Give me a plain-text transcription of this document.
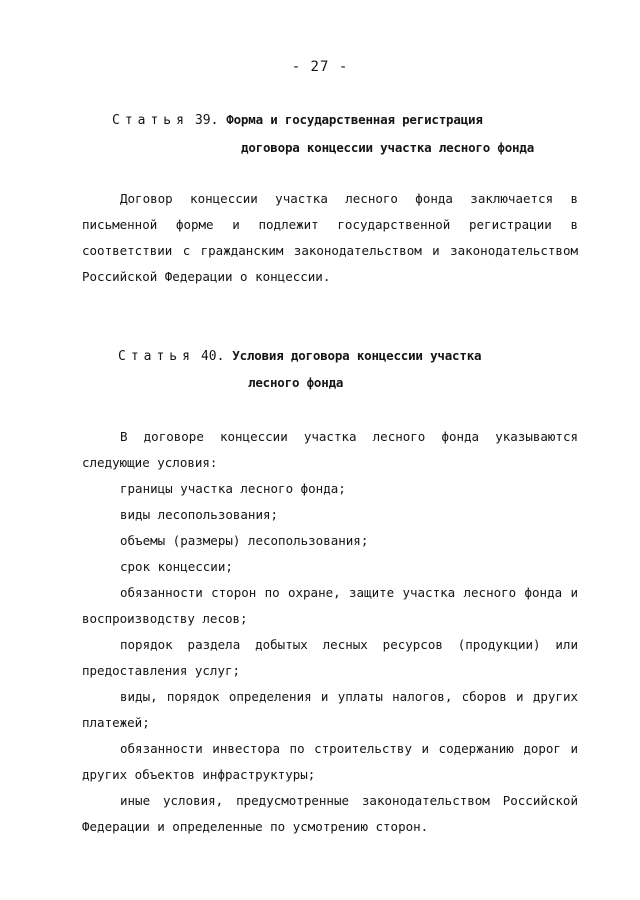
- 27 -
Статья 39. Форма и государственная регистрация
договора концессии участка лесного фонда

Договор концессии участка лесного фонда заключается в письменной форме и подлежит государственной регистрации в соответствии с гражданским законодательством и законодательством Российской Федерации о концессии.

Статья 40. Условия договора концессии участка
лесного фонда

В договоре концессии участка лесного фонда указываются следующие условия:

границы участка лесного фонда;

виды лесопользования;

объемы (размеры) лесопользования;

срок концессии;

обязанности сторон по охране, защите участка лесного фонда и воспроизводству лесов;

порядок раздела добытых лесных ресурсов (продукции) или предоставления услуг;

виды, порядок определения и уплаты налогов, сборов и других платежей;

обязанности инвестора по строительству и содержанию дорог и других объектов инфраструктуры;

иные условия, предусмотренные законодательством Российской Федерации и определенные по усмотрению сторон.
